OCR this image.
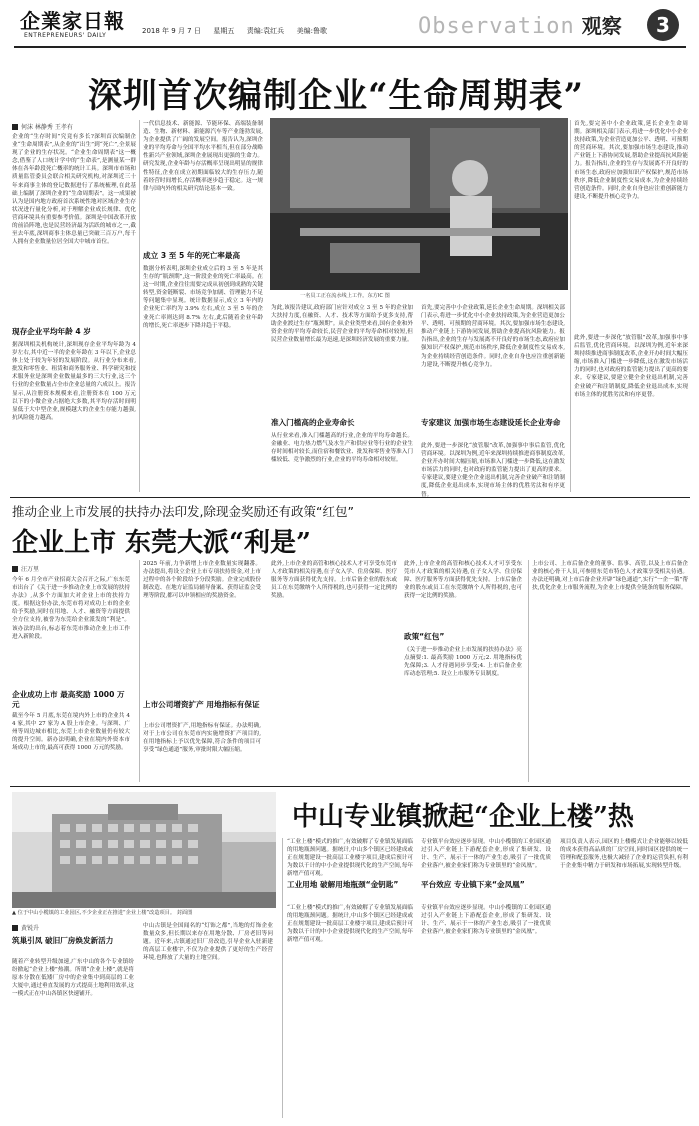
企業家日報
ENTREPRENEURS' DAILY
2018 年 9 月 7 日 星期五 责编:袁红兵 美编:鲁歌	Observation 观察	3
深圳首次编制企业“生命周期表”
何沫 林静秀 王孝有
企业的“生存时间”究竟有多长?深圳首次编制企业“生命周期表”,从企业的“出生”到“死亡”,全景展现了企业的生存状况。“企业生命周期表”这一概念,借鉴了人口统计学中的“生命表”,是测量某一群体在各年龄段死亡概率的统计工具。深圳市市场和质量监管委员会联合相关研究机构,对深圳近三十年来商事主体的登记数据进行了系统梳理,在此基础上编制了深圳企业的“生命周期表”。这一成果被认为是国内地方政府首次系统性地对区域企业生存状况进行量化分析,对于理解企业成长规律、优化营商环境具有重要参考价值。深圳是中国改革开放的前沿阵地,也是民营经济最为活跃的城市之一,截至去年底,深圳商事主体总量已突破三百万户,每千人拥有企业数量位居全国大中城市首位。
现存企业平均年龄 4 岁
据深圳相关机构统计,深圳现存企业平均年龄为 4 岁左右,其中近一半的企业年龄在 3 年以下,企业总体上处于较为年轻的发展阶段。从行业分布来看,批发和零售业、租赁和商务服务业、科学研究和技术服务业是深圳企业数量最多的三大行业,这三个行业的企业数量占全市企业总量的六成以上。报告显示,从注册资本规模来看,注册资本在 100 万元以下的小微企业占据绝大多数,其平均存活时间明显低于大中型企业,规模越大的企业生存能力越强,抗风险能力越高。
一代信息技术、新能源、节能环保、高端装备制造、生物、新材料、新能源汽车等产业蓬勃发展,为企业提供了广阔的发展空间。报告认为,深圳企业的平均寿命与全国平均水平相当,但在部分战略性新兴产业领域,深圳企业展现出更强的生命力。研究发现,企业年龄与存活概率呈现出明显的规律性特征,企业在成立初期面临较大的生存压力,随着经营时间增长,存活概率逐步趋于稳定。这一规律与国内外的相关研究结论基本一致。
成立 3 至 5 年的死亡率最高
数据分析表明,深圳企业成立后的 3 至 5 年是其生存的“瓶颈期”,这一阶段企业的死亡率最高。在这一时期,企业往往需要完成从初创到成熟的关键转型,资金链断裂、市场竞争加剧、管理能力不足等问题集中显现。统计数据显示,成立 3 年内的企业死亡率约为 3.9% 左右,成立 3 至 5 年的企业死亡率则达到 8.7% 左右,此后随着企业年龄的增长,死亡率逐步下降并趋于平稳。
一名员工正在流水线上工作。东方IC 图
为此,该报告建议,政府部门应针对成立 3 至 5 年的企业加大扶持力度,在融资、人才、技术等方面给予更多支持,帮助企业渡过生存“瓶颈期”。从企业类型来看,国有企业和外资企业的平均寿命较长,民营企业的平均寿命相对较短,但民营企业数量增长最为迅速,是深圳经济发展的重要力量。
准入门槛高的企业寿命长
从行业来看,准入门槛越高的行业,企业的平均寿命越长。金融业、电力热力燃气及水生产和供应业等行业的企业生存时间相对较长,而住宿和餐饮业、批发和零售业等准入门槛较低、竞争激烈的行业,企业的平均寿命相对较短。
首先,要完善中小企业政策,延长企业生命周期。深圳相关部门表示,将进一步优化中小企业扶持政策,为企业营造更加公平、透明、可预期的营商环境。其次,要加强市场生态建设,推动产业链上下游协同发展,帮助企业提高抗风险能力。报告指出,企业的生存与发展离不开良好的市场生态,政府应加强知识产权保护,规范市场秩序,降低企业制度性交易成本,为企业持续经营创造条件。同时,企业自身也应注重创新能力建设,不断提升核心竞争力。
专家建议 加强市场生态建设延长企业寿命
此外,要进一步深化“放管服”改革,加强事中事后监管,优化营商环境。以深圳为例,近年来深圳持续推进商事制度改革,企业开办时间大幅压缩,市场准入门槛进一步降低,这在激发市场活力的同时,也对政府的监管能力提出了更高的要求。专家建议,要建立健全企业退出机制,完善企业破产和注销制度,降低企业退出成本,实现市场主体的优胜劣汰和有序更替。
首先,要完善中小企业政策,延长企业生命周期。深圳相关部门表示,将进一步优化中小企业扶持政策,为企业营造更加公平、透明、可预期的营商环境。其次,要加强市场生态建设,推动产业链上下游协同发展,帮助企业提高抗风险能力。报告指出,企业的生存与发展离不开良好的市场生态,政府应加强知识产权保护,规范市场秩序,降低企业制度性交易成本,为企业持续经营创造条件。同时,企业自身也应注重创新能力建设,不断提升核心竞争力。
此外,要进一步深化“放管服”改革,加强事中事后监管,优化营商环境。以深圳为例,近年来深圳持续推进商事制度改革,企业开办时间大幅压缩,市场准入门槛进一步降低,这在激发市场活力的同时,也对政府的监管能力提出了更高的要求。专家建议,要建立健全企业退出机制,完善企业破产和注销制度,降低企业退出成本,实现市场主体的优胜劣汰和有序更替。
推动企业上市发展的扶持办法印发,除现金奖励还有政策“红包”
企业上市 东莞大派“利是”
汪万里
今年 6 月全市产业招商大会召开之际,广东东莞市出台了《关于进一步推动企业上市发展的扶持办法》,从多个方面加大对企业上市的扶持力度。根据这份办法,东莞市将对成功上市的企业给予奖励,同时在用地、人才、融资等方面提供全方位支持,被誉为东莞给企业派发的“利是”。该办法的出台,标志着东莞市推动企业上市工作进入新阶段。
企业成功上市 最高奖励 1000 万元
截至今年 5 月底,东莞在境内外上市的企业共 44 家,其中 27 家为 A 股上市企业。与深圳、广州等周边城市相比,东莞上市企业数量仍有较大的提升空间。新办法明确,企业在境内外资本市场成功上市的,最高可获得 1000 万元的奖励。
2025 年前,力争新增上市企业数量实现翻番。办法提出,将设立企业上市专项扶持资金,对上市过程中的各个阶段给予分段奖励。企业完成股份制改造、在地方证监局辅导备案、获得证监会受理等阶段,都可以申领相应的奖励资金。
上市公司增资扩产 用地指标有保证
上市公司增资扩产,用地指标有保证。办法明确,对于上市公司在东莞市内实施增资扩产项目的,在用地指标上予以优先保障,符合条件的项目可享受“绿色通道”服务,审批时限大幅压缩。
此外,上市企业的高管和核心技术人才可享受东莞市人才政策的相关待遇,在子女入学、住房保障、医疗服务等方面获得优先支持。上市后备企业的股东或员工在东莞缴纳个人所得税的,也可获得一定比例的奖励。
此外,上市企业的高管和核心技术人才可享受东莞市人才政策的相关待遇,在子女入学、住房保障、医疗服务等方面获得优先支持。上市后备企业的股东或员工在东莞缴纳个人所得税的,也可获得一定比例的奖励。
政策“红包”
《关于进一步推动企业上市发展的扶持办法》亮点摘要:1. 最高奖励 1000 万元;2. 用地指标优先保障;3. 人才待遇同步享受;4. 上市后备企业库动态管理;5. 设立上市服务专员制度。
上市公司、上市后备企业的董事、监事、高管,以及上市后备企业的核心骨干人员,可参照东莞市特色人才政策享受相关待遇。办法还明确,对上市后备企业开辟“绿色通道”,实行“一企一策”帮扶,优化企业上市服务流程,为企业上市提供全链条的服务保障。
▲ 位于中山小榄镇的工业园区,不少企业正在推进“企业上楼”改造项目。 封面图
中山专业镇掀起“企业上楼”热
黄锐升
筑巢引凤 破旧厂房焕发新活力
随着产业转型升级加速,广东中山的各个专业镇纷纷掀起“企业上楼”热潮。所谓“企业上楼”,就是将原本分散在低矮厂房中的企业集中到高层的工业大厦中,通过垂直发展的方式提高土地利用效率,这一模式正在中山各镇区快速铺开。
中山古镇是全国闻名的“灯饰之都”,当地的灯饰企业数量众多,但长期以来存在用地分散、厂房老旧等问题。近年来,古镇通过旧厂房改造,引导企业入驻新建的高层工业楼宇,不仅为企业提供了更好的生产经营环境,也释放了大量的土地空间。
“工业上楼”模式的推广,有效破解了专业镇发展面临的用地瓶颈问题。据统计,中山多个镇区已经建成或正在规划建设一批高层工业楼宇项目,建成后预计可为数以千计的中小企业提供现代化的生产空间,每年新增产值可观。
工业用地 破解用地瓶颈“金钥匙”
“工业上楼”模式的推广,有效破解了专业镇发展面临的用地瓶颈问题。据统计,中山多个镇区已经建成或正在规划建设一批高层工业楼宇项目,建成后预计可为数以千计的中小企业提供现代化的生产空间,每年新增产值可观。
专业镇平台效应逐步显现。中山小榄镇的工业园区通过引入产业链上下游配套企业,形成了集研发、设计、生产、展示于一体的产业生态,吸引了一批优质企业落户,被企业家们称为专业镇里的“金凤凰”。
平台效应 专业镇下来“金凤凰”
专业镇平台效应逐步显现。中山小榄镇的工业园区通过引入产业链上下游配套企业,形成了集研发、设计、生产、展示于一体的产业生态,吸引了一批优质企业落户,被企业家们称为专业镇里的“金凤凰”。
项目负责人表示,园区的上楼模式让企业能够以较低的成本获得高品质的厂房空间,同时园区提供的统一管理和配套服务,也极大减轻了企业的运营负担,有利于企业集中精力于研发和市场拓展,实现转型升级。
